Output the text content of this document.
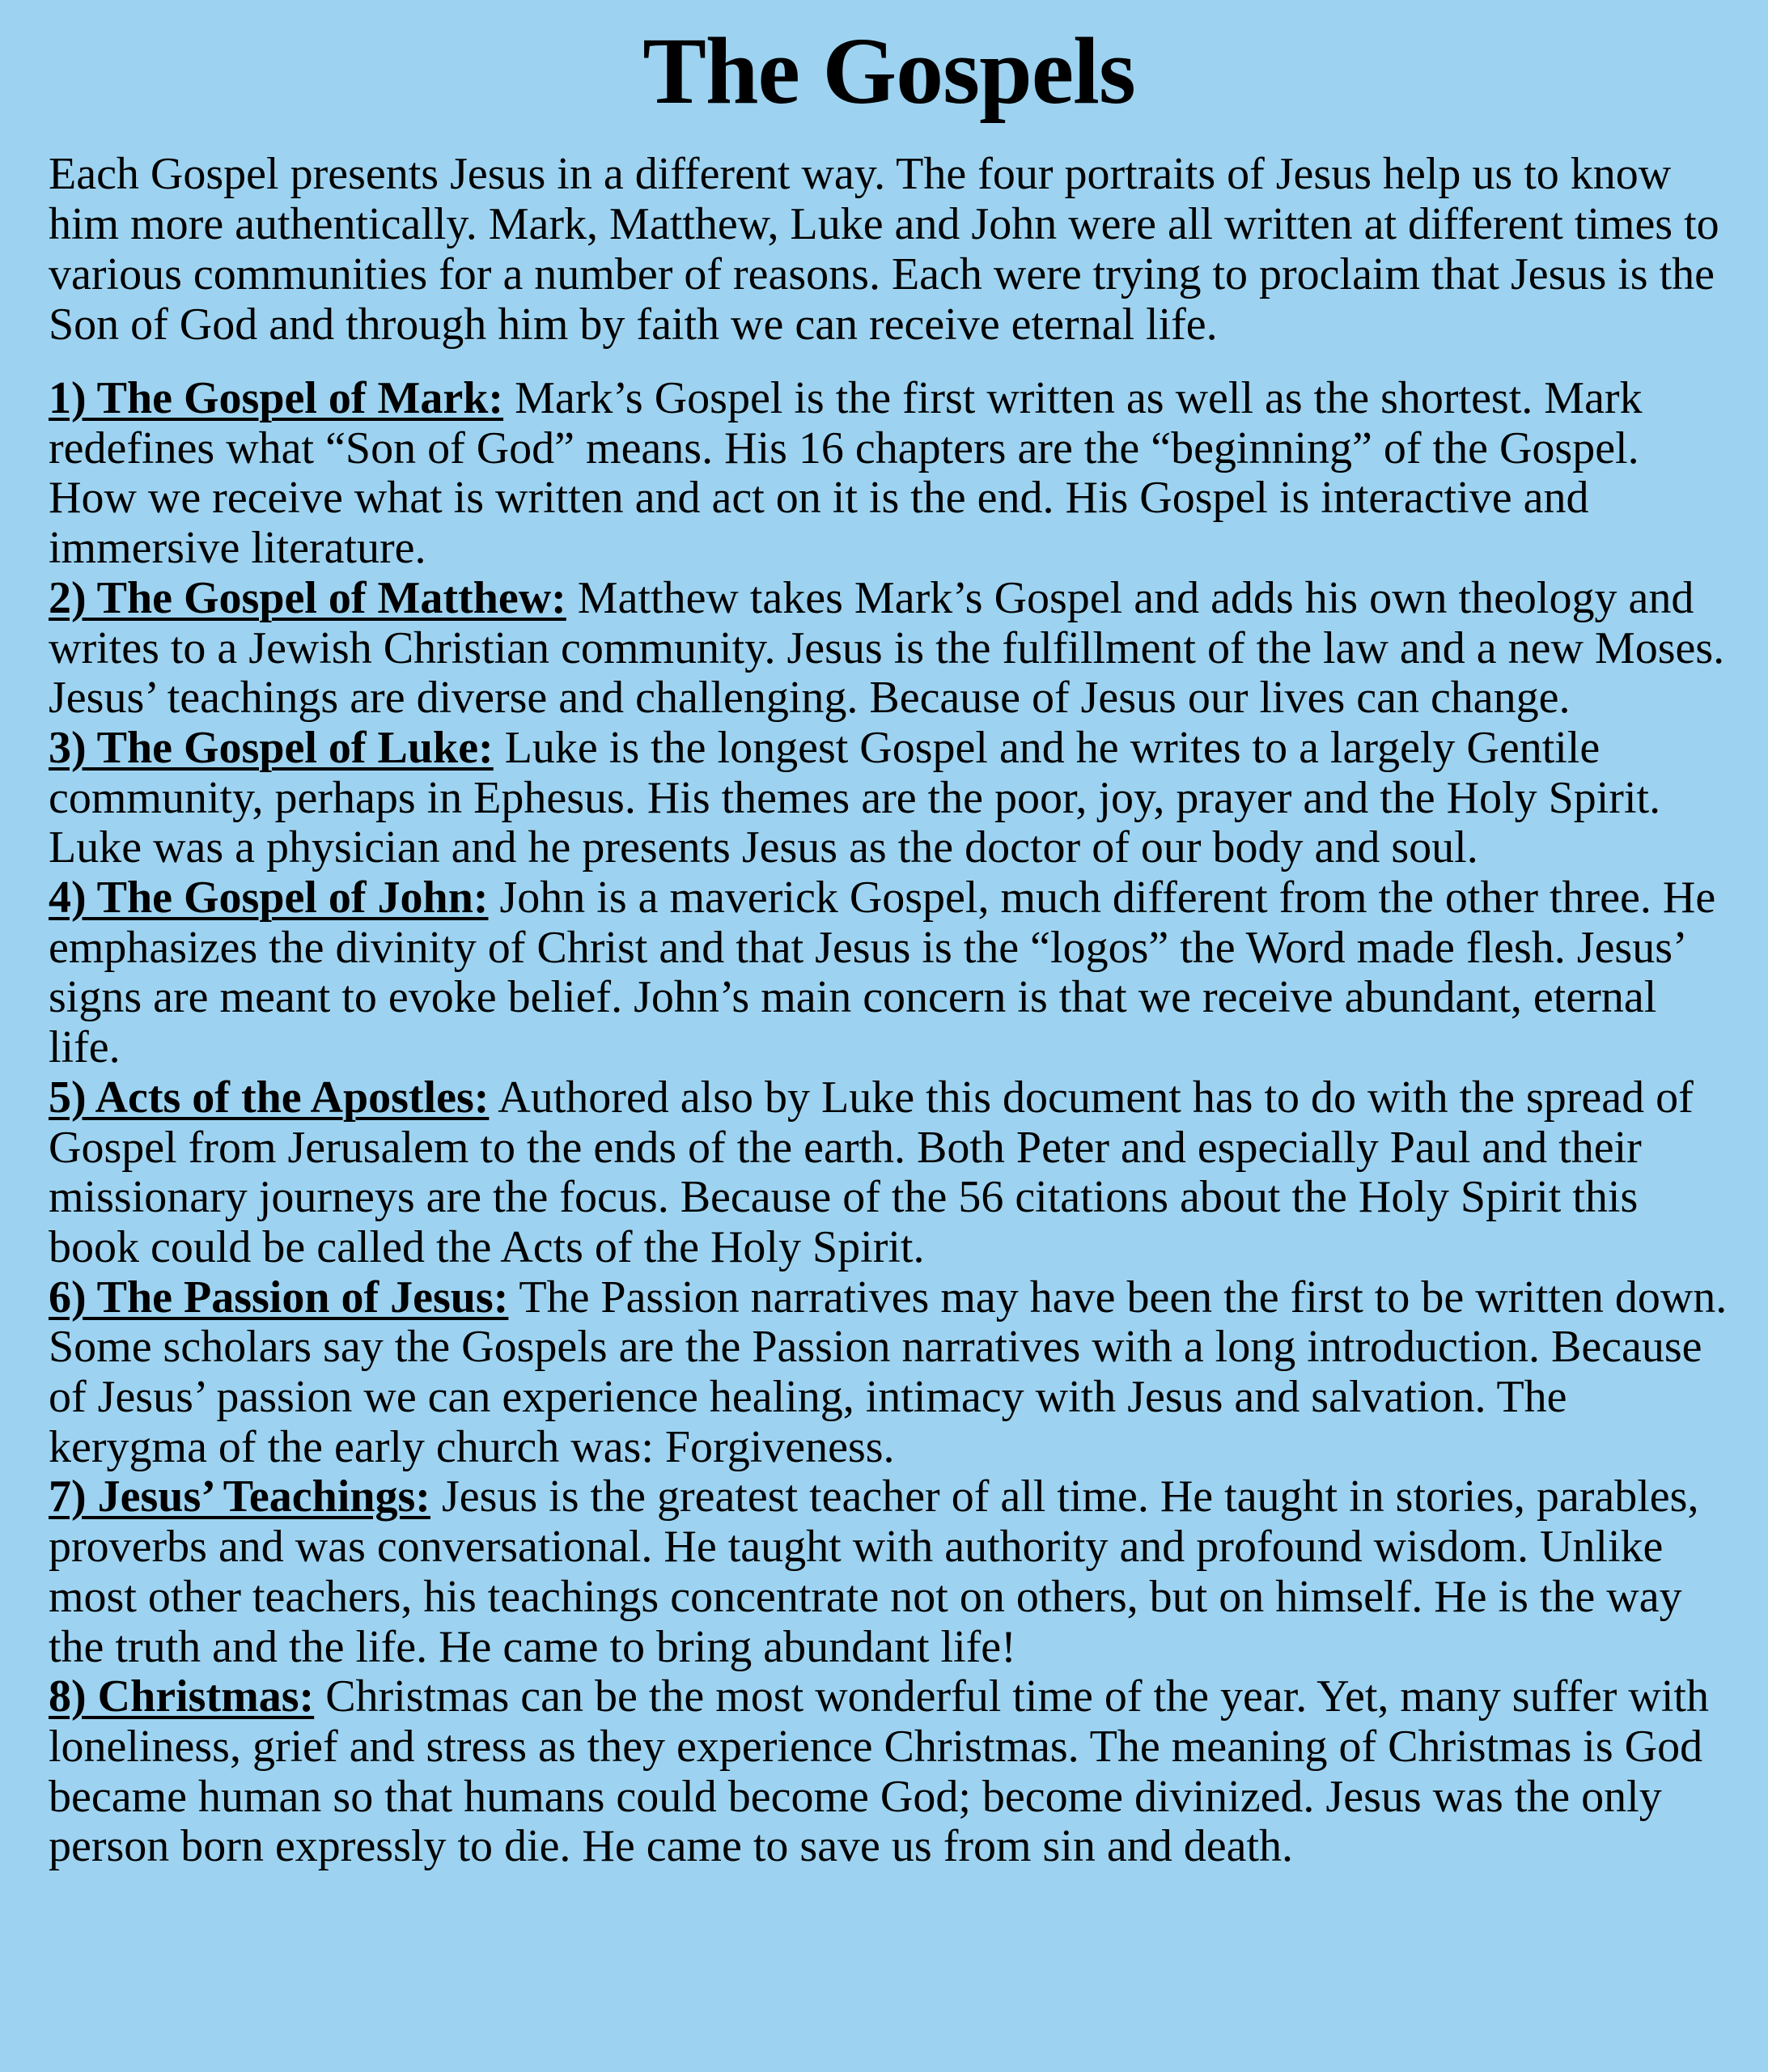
The Gospels

Each Gospel presents Jesus in a different way. The four portraits of Jesus help us to know him more authentically. Mark, Matthew, Luke and John were all written at different times to various communities for a number of reasons. Each were trying to proclaim that Jesus is the Son of God and through him by faith we can receive eternal life.

1) The Gospel of Mark: Mark’s Gospel is the first written as well as the shortest. Mark redefines what “Son of God” means. His 16 chapters are the “beginning” of the Gospel. How we receive what is written and act on it is the end. His Gospel is interactive and immersive literature.

2) The Gospel of Matthew: Matthew takes Mark’s Gospel and adds his own theology and writes to a Jewish Christian community. Jesus is the fulfillment of the law and a new Moses. Jesus’ teachings are diverse and challenging. Because of Jesus our lives can change.

3) The Gospel of Luke: Luke is the longest Gospel and he writes to a largely Gentile community, perhaps in Ephesus. His themes are the poor, joy, prayer and the Holy Spirit. Luke was a physician and he presents Jesus as the doctor of our body and soul.

4) The Gospel of John: John is a maverick Gospel, much different from the other three. He emphasizes the divinity of Christ and that Jesus is the “logos” the Word made flesh. Jesus’ signs are meant to evoke belief. John’s main concern is that we receive abundant, eternal life.

5) Acts of the Apostles: Authored also by Luke this document has to do with the spread of Gospel from Jerusalem to the ends of the earth. Both Peter and especially Paul and their missionary journeys are the focus. Because of the 56 citations about the Holy Spirit this book could be called the Acts of the Holy Spirit.

6) The Passion of Jesus: The Passion narratives may have been the first to be written down. Some scholars say the Gospels are the Passion narratives with a long introduction. Because of Jesus’ passion we can experience healing, intimacy with Jesus and salvation. The kerygma of the early church was: Forgiveness.

7) Jesus’ Teachings: Jesus is the greatest teacher of all time. He taught in stories, parables, proverbs and was conversational. He taught with authority and profound wisdom. Unlike most other teachers, his teachings concentrate not on others, but on himself. He is the way the truth and the life. He came to bring abundant life!

8) Christmas: Christmas can be the most wonderful time of the year. Yet, many suffer with loneliness, grief and stress as they experience Christmas. The meaning of Christmas is God became human so that humans could become God; become divinized. Jesus was the only person born expressly to die. He came to save us from sin and death.
